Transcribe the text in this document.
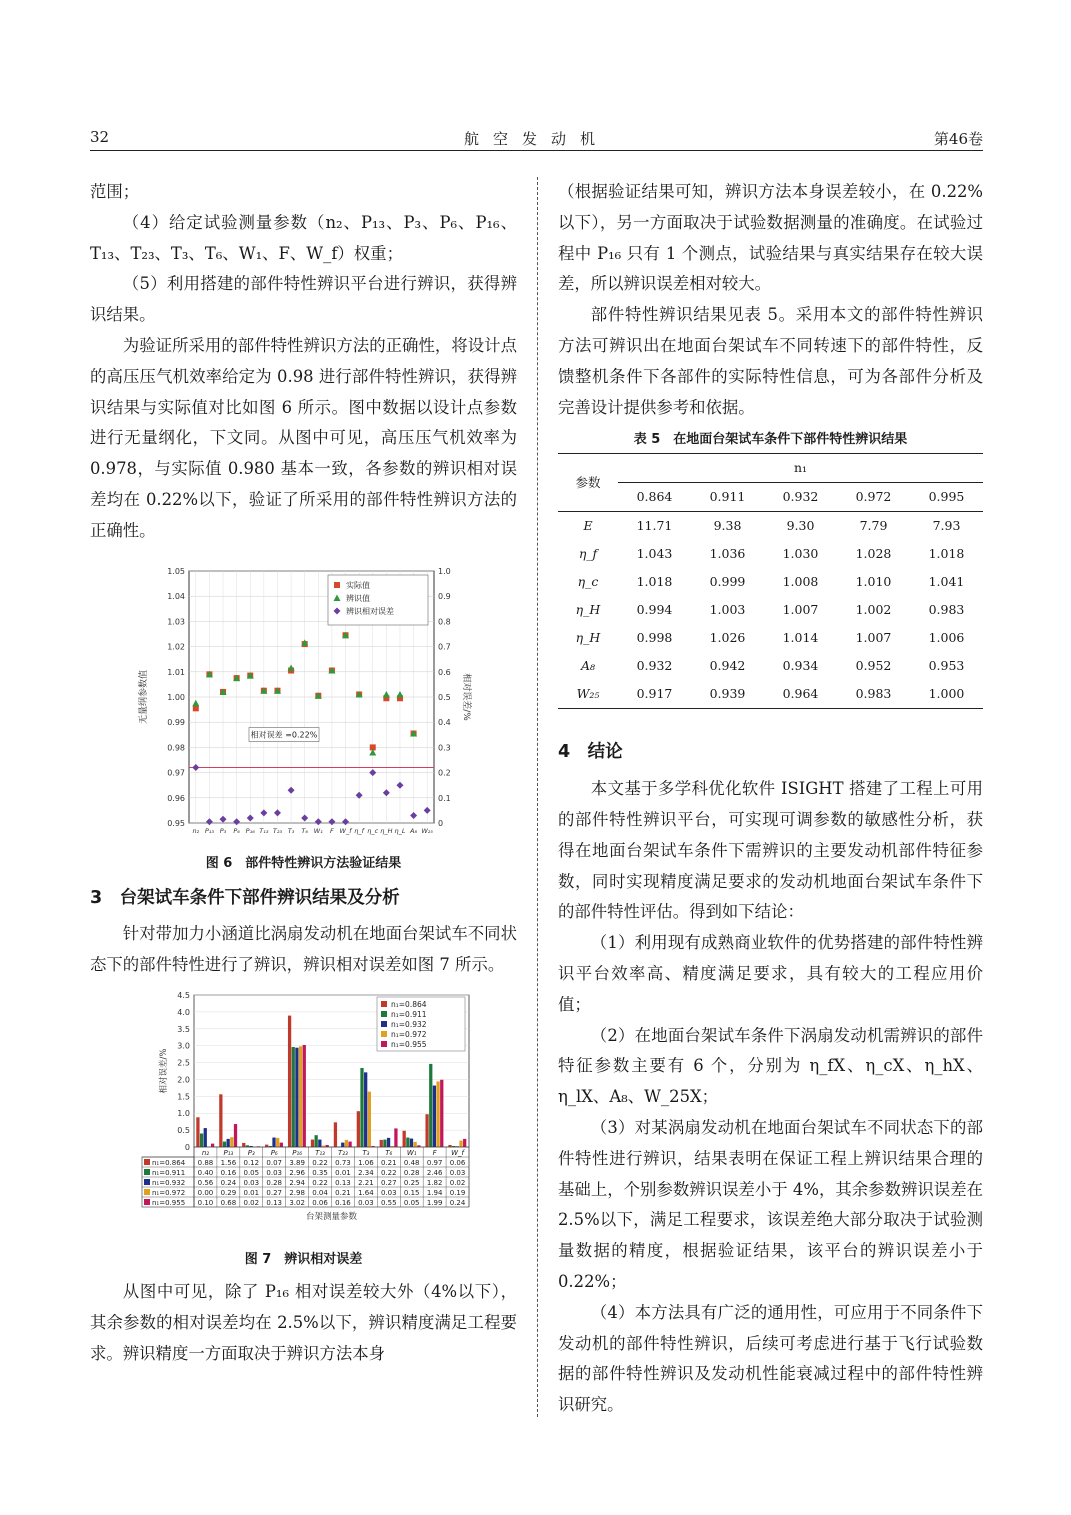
32	航空发动机	第46卷

范围；

（4）给定试验测量参数（n₂、P₁₃、P₃、P₆、P₁₆、T₁₃、T₂₃、T₃、T₆、W₁、F、W_f）权重；

（5）利用搭建的部件特性辨识平台进行辨识，获得辨识结果。

为验证所采用的部件特性辨识方法的正确性，将设计点的高压压气机效率给定为 0.98 进行部件特性辨识，获得辨识结果与实际值对比如图 6 所示。图中数据以设计点参数进行无量纲化，下文同。从图中可见，高压压气机效率为 0.978，与实际值 0.980 基本一致，各参数的辨识相对误差均在 0.22%以下，验证了所采用的部件特性辨识方法的正确性。

0.95
0.96
0.97
0.98
0.99
1.00
1.01
1.02
1.03
1.04
1.05
0
0.1
0.2
0.3
0.4
0.5
0.6
0.7
0.8
0.9
1.0
n₂ P₁₃ P₃ P₆ P₁₆ T₁₃ T₂₃ T₃ T₆ W₁ F W_f η_f η_c η_H η_L A₈ W₂₅
无量纲参数值	相对误差/%
相对误差 =0.22%
实际值
辨识值
辨识相对误差
图 6　部件特性辨识方法验证结果
3　台架试车条件下部件辨识结果及分析

针对带加力小涵道比涡扇发动机在地面台架试车不同状态下的部件特性进行了辨识，辨识相对误差如图 7 所示。

0
0.5
1.0
1.5
2.0
2.5
3.0
3.5
4.0
4.5
相对误差/%
n₁=0.864
n₁=0.911
n₁=0.932
n₁=0.972
n₁=0.955
n₂ P₁₃ P₃ P₆ P₁₆ T₁₃ T₂₃ T₃ T₆ W₁ F W_f
n₁=0.864 0.88 1.56 0.12 0.07 3.89 0.22 0.73 1.06 0.21 0.48 0.97 0.06
n₁=0.911 0.40 0.16 0.05 0.03 2.96 0.35 0.01 2.34 0.22 0.28 2.46 0.03
n₁=0.932 0.56 0.24 0.03 0.28 2.94 0.22 0.13 2.21 0.27 0.25 1.82 0.02
n₁=0.972 0.00 0.29 0.01 0.27 2.98 0.04 0.21 1.64 0.03 0.15 1.94 0.19
n₁=0.955 0.10 0.68 0.02 0.13 3.02 0.06 0.16 0.03 0.55 0.05 1.99 0.24
台架测量参数
图 7　辨识相对误差

从图中可见，除了 P₁₆ 相对误差较大外（4%以下），其余参数的相对误差均在 2.5%以下，辨识精度满足工程要求。辨识精度一方面取决于辨识方法本身

（根据验证结果可知，辨识方法本身误差较小，在 0.22%以下），另一方面取决于试验数据测量的准确度。在试验过程中 P₁₆ 只有 1 个测点，试验结果与真实结果存在较大误差，所以辨识误差相对较大。

部件特性辨识结果见表 5。采用本文的部件特性辨识方法可辨识出在地面台架试车不同转速下的部件特性，反馈整机条件下各部件的实际特性信息，可为各部件分析及完善设计提供参考和依据。

表 5　在地面台架试车条件下部件特性辨识结果
参数	n₁				
	0.864	0.911	0.932	0.972	0.995
E	11.71	9.38	9.30	7.79	7.93
η_f	1.043	1.036	1.030	1.028	1.018
η_c	1.018	0.999	1.008	1.010	1.041
η_H	0.994	1.003	1.007	1.002	0.983
η_H	0.998	1.026	1.014	1.007	1.006
A₈	0.932	0.942	0.934	0.952	0.953
W₂₅	0.917	0.939	0.964	0.983	1.000
4　结论

本文基于多学科优化软件 ISIGHT 搭建了工程上可用的部件特性辨识平台，可实现可调参数的敏感性分析，获得在地面台架试车条件下需辨识的主要发动机部件特征参数，同时实现精度满足要求的发动机地面台架试车条件下的部件特性评估。得到如下结论：

（1）利用现有成熟商业软件的优势搭建的部件特性辨识平台效率高、精度满足要求，具有较大的工程应用价值；

（2）在地面台架试车条件下涡扇发动机需辨识的部件特征参数主要有 6 个，分别为 η_fX、η_cX、η_hX、η_lX、A₈、W_25X；

（3）对某涡扇发动机在地面台架试车不同状态下的部件特性进行辨识，结果表明在保证工程上辨识结果合理的基础上，个别参数辨识误差小于 4%，其余参数辨识误差在 2.5%以下，满足工程要求，该误差绝大部分取决于试验测量数据的精度，根据验证结果，该平台的辨识误差小于 0.22%；

（4）本方法具有广泛的通用性，可应用于不同条件下发动机的部件特性辨识，后续可考虑进行基于飞行试验数据的部件特性辨识及发动机性能衰减过程中的部件特性辨识研究。
